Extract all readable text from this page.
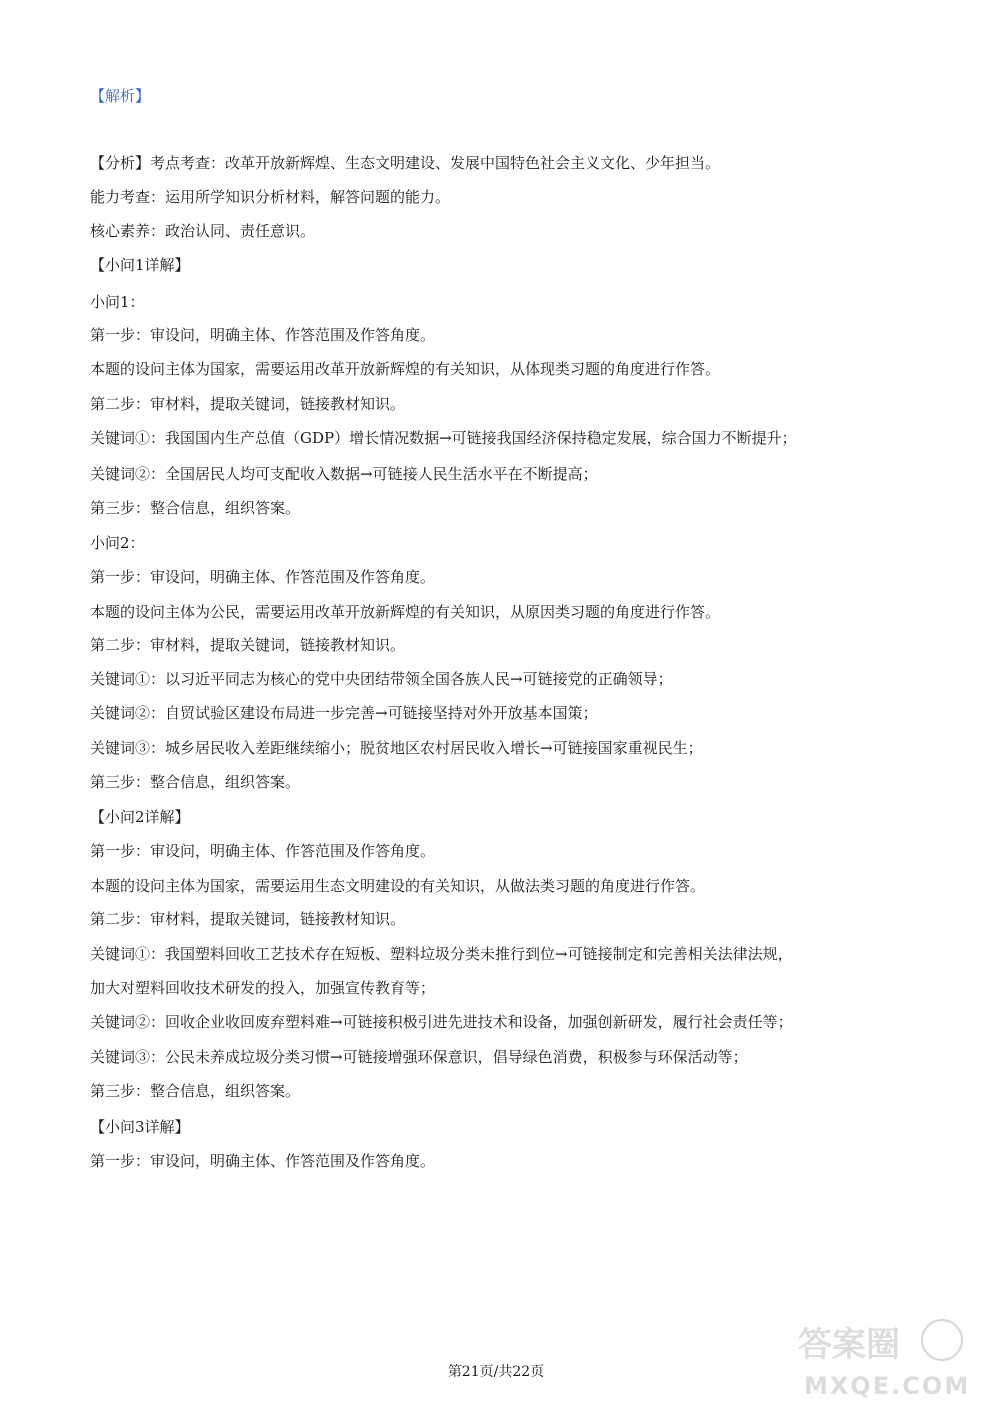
【解析】
【分析】考点考查：改革开放新辉煌、生态文明建设、发展中国特色社会主义文化、少年担当。
能力考查：运用所学知识分析材料，解答问题的能力。
核心素养：政治认同、责任意识。
【小问1详解】
小问1：
第一步：审设问，明确主体、作答范围及作答角度。
本题的设问主体为国家，需要运用改革开放新辉煌的有关知识，从体现类习题的角度进行作答。
第二步：审材料，提取关键词，链接教材知识。
关键词①：我国国内生产总值（GDP）增长情况数据→可链接我国经济保持稳定发展，综合国力不断提升；
关键词②：全国居民人均可支配收入数据→可链接人民生活水平在不断提高；
第三步：整合信息，组织答案。
小问2：
第一步：审设问，明确主体、作答范围及作答角度。
本题的设问主体为公民，需要运用改革开放新辉煌的有关知识，从原因类习题的角度进行作答。
第二步：审材料，提取关键词，链接教材知识。
关键词①：以习近平同志为核心的党中央团结带领全国各族人民→可链接党的正确领导；
关键词②：自贸试验区建设布局进一步完善→可链接坚持对外开放基本国策；
关键词③：城乡居民收入差距继续缩小；脱贫地区农村居民收入增长→可链接国家重视民生；
第三步：整合信息，组织答案。
【小问2详解】
第一步：审设问，明确主体、作答范围及作答角度。
本题的设问主体为国家，需要运用生态文明建设的有关知识，从做法类习题的角度进行作答。
第二步：审材料，提取关键词，链接教材知识。
关键词①：我国塑料回收工艺技术存在短板、塑料垃圾分类未推行到位→可链接制定和完善相关法律法规，
加大对塑料回收技术研发的投入，加强宣传教育等；
关键词②：回收企业收回废弃塑料难→可链接积极引进先进技术和设备，加强创新研发，履行社会责任等；
关键词③：公民未养成垃圾分类习惯→可链接增强环保意识，倡导绿色消费，积极参与环保活动等；
第三步：整合信息，组织答案。
【小问3详解】
第一步：审设问，明确主体、作答范围及作答角度。
第21页/共22页
答案圈
MXQE.COM
